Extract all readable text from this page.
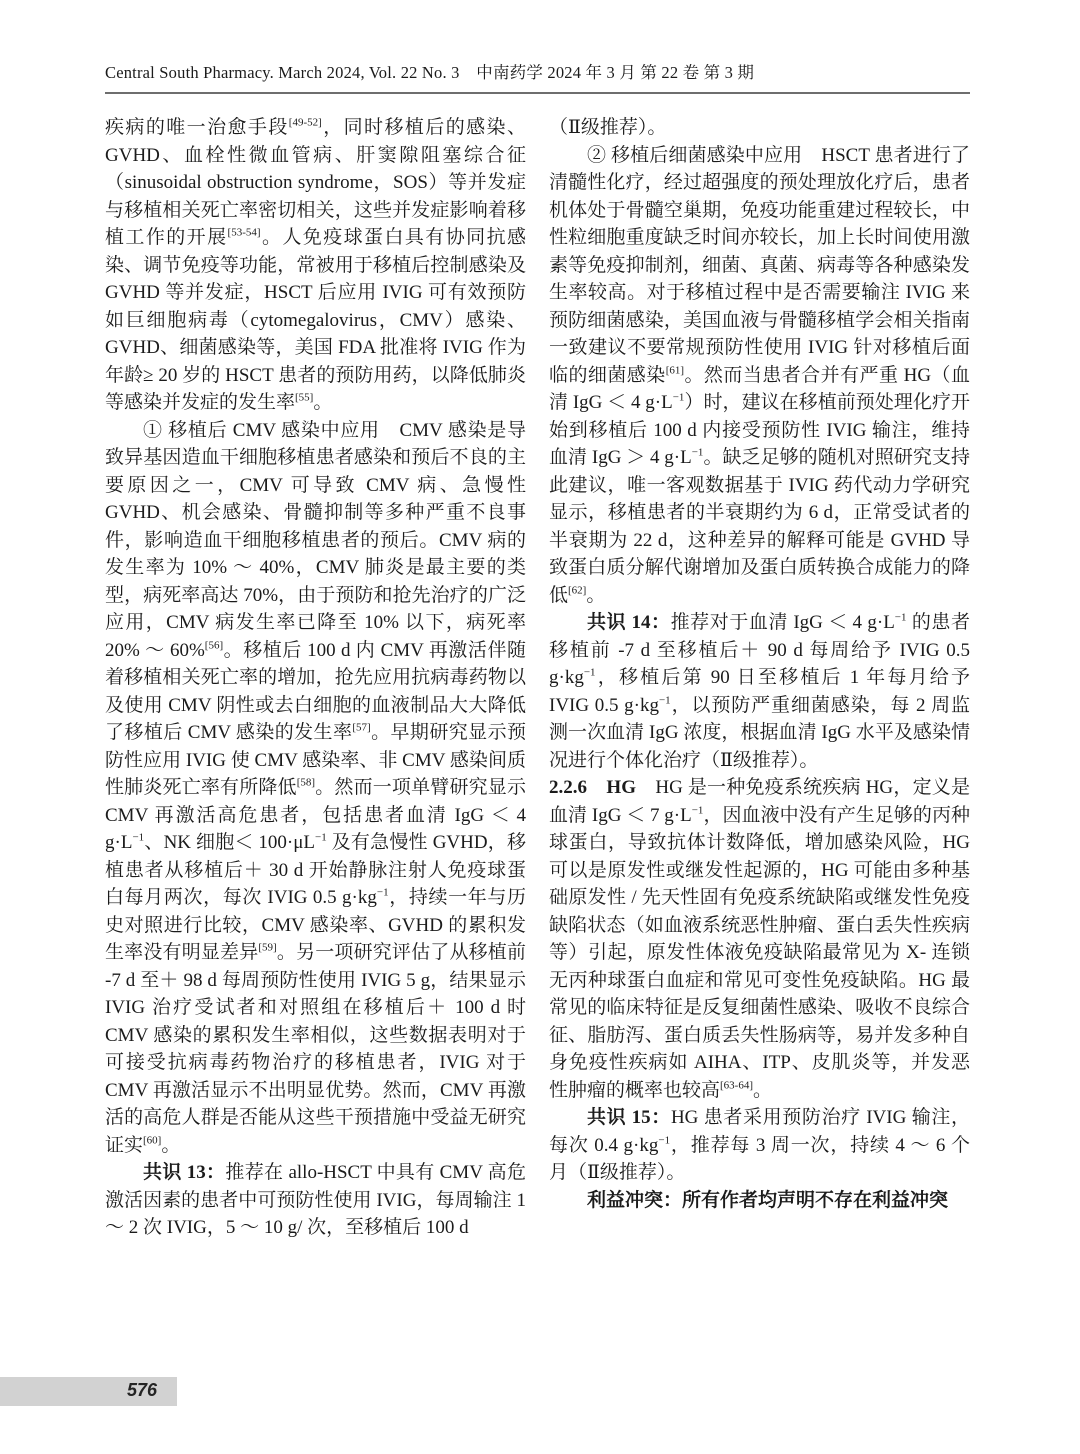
Central South Pharmacy. March 2024, Vol. 22 No. 3　中南药学 2024 年 3 月 第 22 卷 第 3 期

疾病的唯一治愈手段[49-52]，同时移植后的感染、GVHD、血栓性微血管病、肝窦隙阻塞综合征（sinusoidal obstruction syndrome，SOS）等并发症与移植相关死亡率密切相关，这些并发症影响着移植工作的开展[53-54]。人免疫球蛋白具有协同抗感染、调节免疫等功能，常被用于移植后控制感染及 GVHD 等并发症，HSCT 后应用 IVIG 可有效预防如巨细胞病毒（cytomegalovirus，CMV）感染、GVHD、细菌感染等，美国 FDA 批准将 IVIG 作为年龄≥ 20 岁的 HSCT 患者的预防用药，以降低肺炎等感染并发症的发生率[55]。

① 移植后 CMV 感染中应用　CMV 感染是导致异基因造血干细胞移植患者感染和预后不良的主要原因之一，CMV 可导致 CMV 病、急慢性 GVHD、机会感染、骨髓抑制等多种严重不良事件，影响造血干细胞移植患者的预后。CMV 病的发生率为 10% ～ 40%，CMV 肺炎是最主要的类型，病死率高达 70%，由于预防和抢先治疗的广泛应用，CMV 病发生率已降至 10% 以下，病死率 20% ～ 60%[56]。移植后 100 d 内 CMV 再激活伴随着移植相关死亡率的增加，抢先应用抗病毒药物以及使用 CMV 阴性或去白细胞的血液制品大大降低了移植后 CMV 感染的发生率[57]。早期研究显示预防性应用 IVIG 使 CMV 感染率、非 CMV 感染间质性肺炎死亡率有所降低[58]。然而一项单臂研究显示 CMV 再激活高危患者，包括患者血清 IgG ＜ 4 $g\cdot L^{-1}$、NK 细胞＜ $100\cdot\mu L^{-1}$ 及有急慢性 GVHD，移植患者从移植后＋ 30 d 开始静脉注射人免疫球蛋白每月两次，每次 IVIG 0.5 $g\cdot kg^{-1}$，持续一年与历史对照进行比较，CMV 感染率、GVHD 的累积发生率没有明显差异[59]。另一项研究评估了从移植前 -7 d 至＋ 98 d 每周预防性使用 IVIG 5 g，结果显示 IVIG 治疗受试者和对照组在移植后＋ 100 d 时 CMV 感染的累积发生率相似，这些数据表明对于可接受抗病毒药物治疗的移植患者，IVIG 对于 CMV 再激活显示不出明显优势。然而，CMV 再激活的高危人群是否能从这些干预措施中受益无研究证实[60]。

共识 13：推荐在 allo-HSCT 中具有 CMV 高危激活因素的患者中可预防性使用 IVIG，每周输注 1 ～ 2 次 IVIG，5 ～ 10 g/ 次，至移植后 100 d

（Ⅱ级推荐）。

② 移植后细菌感染中应用　HSCT 患者进行了清髓性化疗，经过超强度的预处理放化疗后，患者机体处于骨髓空巢期，免疫功能重建过程较长，中性粒细胞重度缺乏时间亦较长，加上长时间使用激素等免疫抑制剂，细菌、真菌、病毒等各种感染发生率较高。对于移植过程中是否需要输注 IVIG 来预防细菌感染，美国血液与骨髓移植学会相关指南一致建议不要常规预防性使用 IVIG 针对移植后面临的细菌感染[61]。然而当患者合并有严重 HG（血清 IgG ＜ 4 $g\cdot L^{-1}$）时，建议在移植前预处理化疗开始到移植后 100 d 内接受预防性 IVIG 输注，维持血清 IgG ＞ 4 $g\cdot L^{-1}$。缺乏足够的随机对照研究支持此建议，唯一客观数据基于 IVIG 药代动力学研究显示，移植患者的半衰期约为 6 d，正常受试者的半衰期为 22 d，这种差异的解释可能是 GVHD 导致蛋白质分解代谢增加及蛋白质转换合成能力的降低[62]。

共识 14：推荐对于血清 IgG ＜ 4 $g\cdot L^{-1}$ 的患者移植前 -7 d 至移植后＋ 90 d 每周给予 IVIG 0.5 $g\cdot kg^{-1}$，移植后第 90 日至移植后 1 年每月给予 IVIG 0.5 $g\cdot kg^{-1}$，以预防严重细菌感染，每 2 周监测一次血清 IgG 浓度，根据血清 IgG 水平及感染情况进行个体化治疗（Ⅱ级推荐）。

2.2.6　HG　HG 是一种免疫系统疾病 HG，定义是血清 IgG ＜ 7 $g\cdot L^{-1}$，因血液中没有产生足够的丙种球蛋白，导致抗体计数降低，增加感染风险，HG 可以是原发性或继发性起源的，HG 可能由多种基础原发性 / 先天性固有免疫系统缺陷或继发性免疫缺陷状态（如血液系统恶性肿瘤、蛋白丢失性疾病等）引起，原发性体液免疫缺陷最常见为 X- 连锁无丙种球蛋白血症和常见可变性免疫缺陷。HG 最常见的临床特征是反复细菌性感染、吸收不良综合征、脂肪泻、蛋白质丢失性肠病等，易并发多种自身免疫性疾病如 AIHA、ITP、皮肌炎等，并发恶性肿瘤的概率也较高[63-64]。

共识 15：HG 患者采用预防治疗 IVIG 输注，每次 0.4 $g\cdot kg^{-1}$，推荐每 3 周一次，持续 4 ～ 6 个月（Ⅱ级推荐）。

利益冲突：所有作者均声明不存在利益冲突

576
